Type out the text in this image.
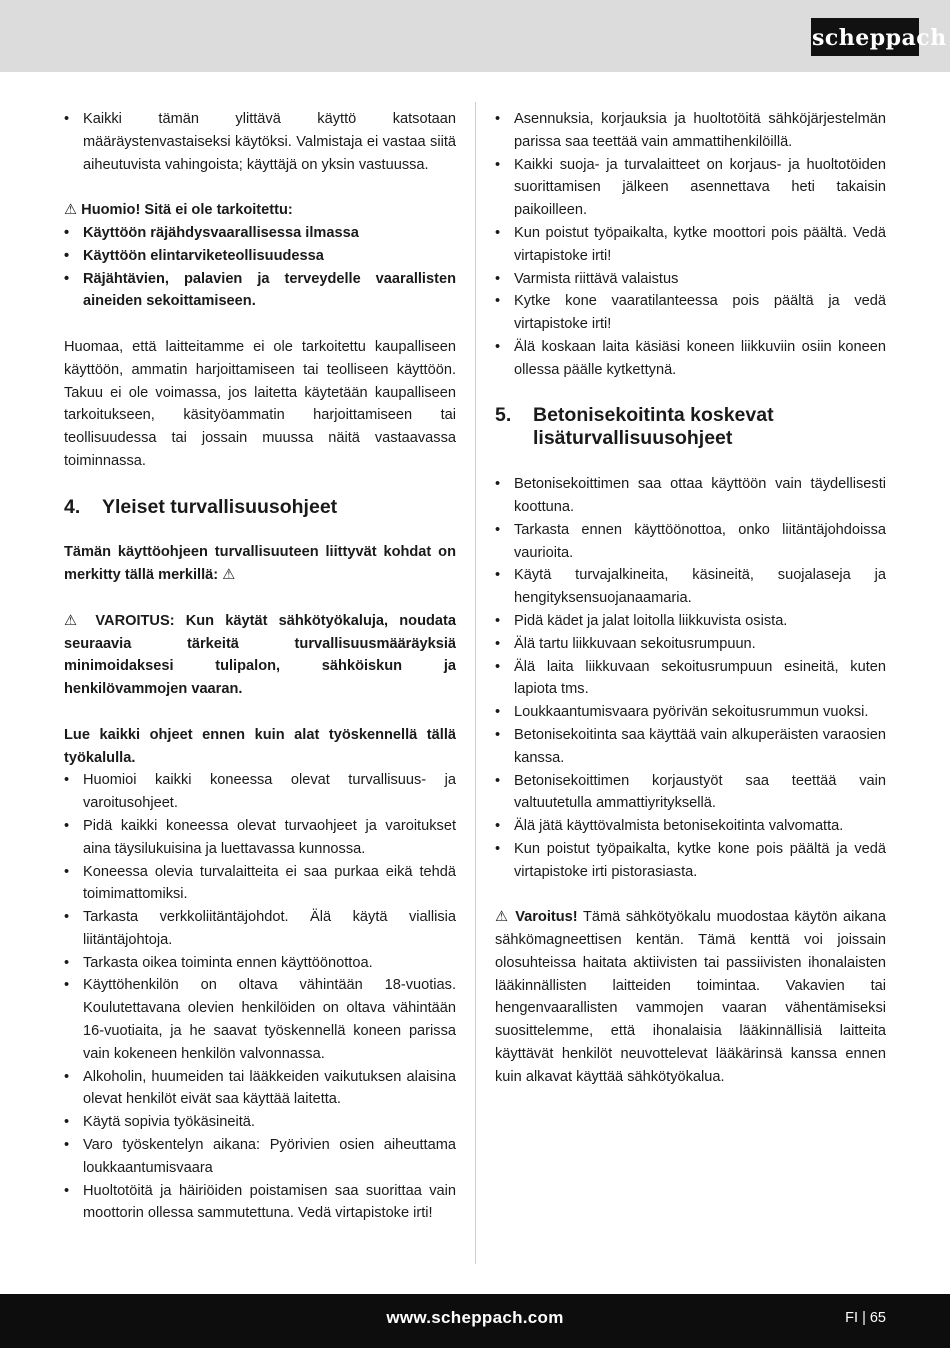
scheppach
• Kaikki tämän ylittävä käyttö katsotaan määräystenvastaiseksi käytöksi. Valmistaja ei vastaa siitä aiheutuvista vahingoista; käyttäjä on yksin vastuussa.

⚠ Huomio! Sitä ei ole tarkoitettu:

• Käyttöön räjähdysvaarallisessa ilmassa
• Käyttöön elintarviketeollisuudessa
• Räjähtävien, palavien ja terveydelle vaarallisten aineiden sekoittamiseen.

Huomaa, että laitteitamme ei ole tarkoitettu kaupalliseen käyttöön, ammatin harjoittamiseen tai teolliseen käyttöön. Takuu ei ole voimassa, jos laitetta käytetään kaupalliseen tarkoitukseen, käsityöammatin harjoittamiseen tai teollisuudessa tai jossain muussa näitä vastaavassa toiminnassa.

4.	Yleiset turvallisuusohjeet

Tämän käyttöohjeen turvallisuuteen liittyvät kohdat on merkitty tällä merkillä: ⚠

⚠ VAROITUS: Kun käytät sähkötyökaluja, noudata seuraavia tärkeitä turvallisuusmääräyksiä minimoidaksesi tulipalon, sähköiskun ja henkilövammojen vaaran.

Lue kaikki ohjeet ennen kuin alat työskennellä tällä työkalulla.

• Huomioi kaikki koneessa olevat turvallisuus- ja varoitusohjeet.
• Pidä kaikki koneessa olevat turvaohjeet ja varoitukset aina täysilukuisina ja luettavassa kunnossa.
• Koneessa olevia turvalaitteita ei saa purkaa eikä tehdä toimimattomiksi.
• Tarkasta verkkoliitäntäjohdot. Älä käytä viallisia liitäntäjohtoja.
• Tarkasta oikea toiminta ennen käyttöönottoa.
• Käyttöhenkilön on oltava vähintään 18-vuotias. Koulutettavana olevien henkilöiden on oltava vähintään 16-vuotiaita, ja he saavat työskennellä koneen parissa vain kokeneen henkilön valvonnassa.
• Alkoholin, huumeiden tai lääkkeiden vaikutuksen alaisina olevat henkilöt eivät saa käyttää laitetta.
• Käytä sopivia työkäsineitä.
• Varo työskentelyn aikana: Pyörivien osien aiheuttama loukkaantumisvaara
• Huoltotöitä ja häiriöiden poistamisen saa suorittaa vain moottorin ollessa sammutettuna. Vedä virtapistoke irti!
• Asennuksia, korjauksia ja huoltotöitä sähköjärjestelmän parissa saa teettää vain ammattihenkilöillä.
• Kaikki suoja- ja turvalaitteet on korjaus- ja huoltotöiden suorittamisen jälkeen asennettava heti takaisin paikoilleen.
• Kun poistut työpaikalta, kytke moottori pois päältä. Vedä virtapistoke irti!
• Varmista riittävä valaistus
• Kytke kone vaaratilanteessa pois päältä ja vedä virtapistoke irti!
• Älä koskaan laita käsiäsi koneen liikkuviin osiin koneen ollessa päälle kytkettynä.
5.	Betonisekoitinta koskevat lisäturvallisuusohjeet
• Betonisekoittimen saa ottaa käyttöön vain täydellisesti koottuna.
• Tarkasta ennen käyttöönottoa, onko liitäntäjohdoissa vaurioita.
• Käytä turvajalkineita, käsineitä, suojalaseja ja hengityksensuojanaamaria.
• Pidä kädet ja jalat loitolla liikkuvista osista.
• Älä tartu liikkuvaan sekoitusrumpuun.
• Älä laita liikkuvaan sekoitusrumpuun esineitä, kuten lapiota tms.
• Loukkaantumisvaara pyörivän sekoitusrummun vuoksi.
• Betonisekoitinta saa käyttää vain alkuperäisten varaosien kanssa.
• Betonisekoittimen korjaustyöt saa teettää vain valtuutetulla ammattiyrityksellä.
• Älä jätä käyttövalmista betonisekoitinta valvomatta.
• Kun poistut työpaikalta, kytke kone pois päältä ja vedä virtapistoke irti pistorasiasta.

⚠ Varoitus! Tämä sähkötyökalu muodostaa käytön aikana sähkömagneettisen kentän. Tämä kenttä voi joissain olosuhteissa haitata aktiivisten tai passiivisten ihonalaisten lääkinnällisten laitteiden toimintaa. Vakavien tai hengenvaarallisten vammojen vaaran vähentämiseksi suosittelemme, että ihonalaisia lääkinnällisiä laitteita käyttävät henkilöt neuvottelevat lääkärinsä kanssa ennen kuin alkavat käyttää sähkötyökalua.

www.scheppach.com	FI | 65
